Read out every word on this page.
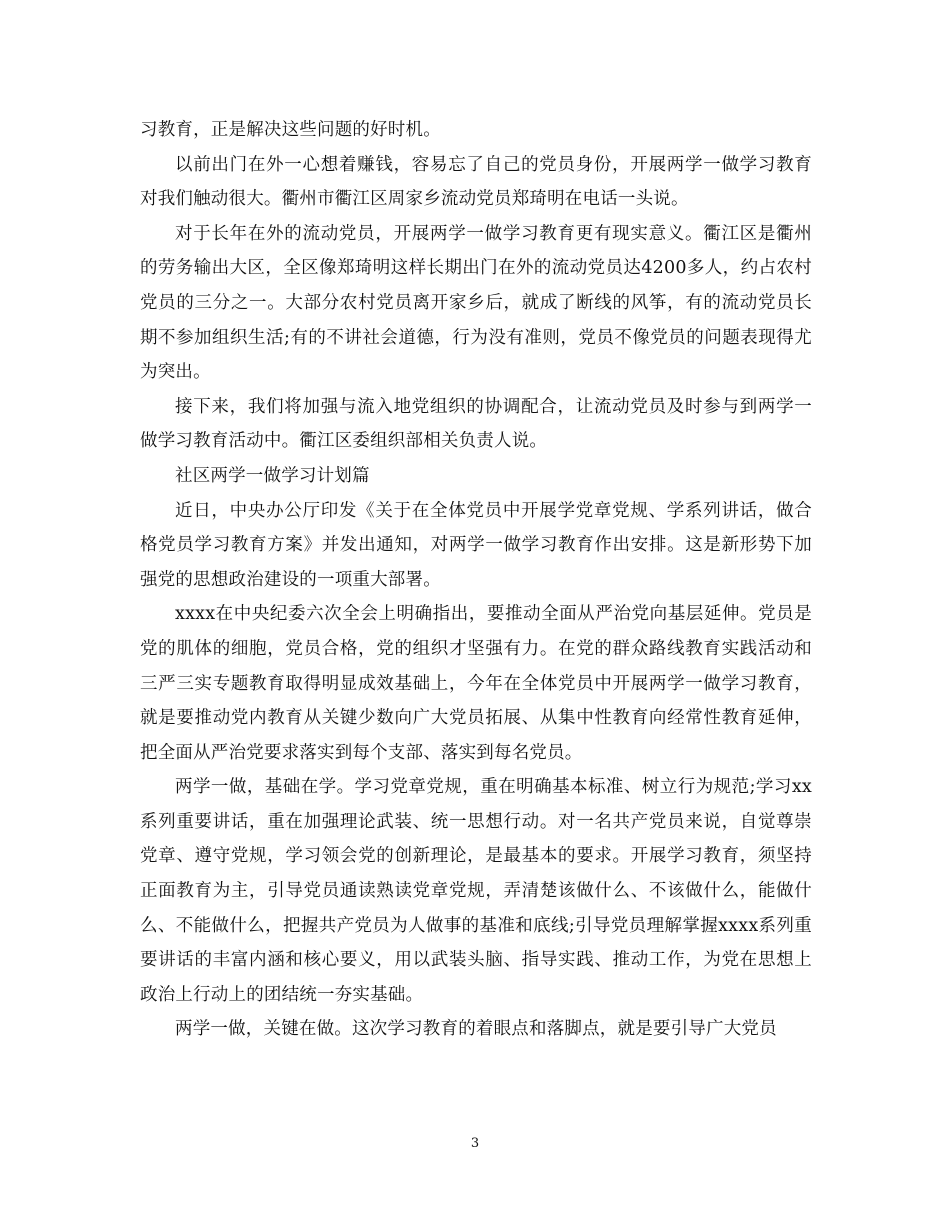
习教育，正是解决这些问题的好时机。

以前出门在外一心想着赚钱，容易忘了自己的党员身份，开展两学一做学习教育对我们触动很大。衢州市衢江区周家乡流动党员郑琦明在电话一头说。

对于长年在外的流动党员，开展两学一做学习教育更有现实意义。衢江区是衢州的劳务输出大区，全区像郑琦明这样长期出门在外的流动党员达4200多人，约占农村党员的三分之一。大部分农村党员离开家乡后，就成了断线的风筝，有的流动党员长期不参加组织生活;有的不讲社会道德，行为没有准则，党员不像党员的问题表现得尤为突出。

接下来，我们将加强与流入地党组织的协调配合，让流动党员及时参与到两学一做学习教育活动中。衢江区委组织部相关负责人说。

社区两学一做学习计划篇

近日，中央办公厅印发《关于在全体党员中开展学党章党规、学系列讲话，做合格党员学习教育方案》并发出通知，对两学一做学习教育作出安排。这是新形势下加强党的思想政治建设的一项重大部署。

xxxx在中央纪委六次全会上明确指出，要推动全面从严治党向基层延伸。党员是党的肌体的细胞，党员合格，党的组织才坚强有力。在党的群众路线教育实践活动和三严三实专题教育取得明显成效基础上，今年在全体党员中开展两学一做学习教育，就是要推动党内教育从关键少数向广大党员拓展、从集中性教育向经常性教育延伸，把全面从严治党要求落实到每个支部、落实到每名党员。

两学一做，基础在学。学习党章党规，重在明确基本标准、树立行为规范;学习xx系列重要讲话，重在加强理论武装、统一思想行动。对一名共产党员来说，自觉尊崇党章、遵守党规，学习领会党的创新理论，是最基本的要求。开展学习教育，须坚持正面教育为主，引导党员通读熟读党章党规，弄清楚该做什么、不该做什么，能做什么、不能做什么，把握共产党员为人做事的基准和底线;引导党员理解掌握xxxx系列重要讲话的丰富内涵和核心要义，用以武装头脑、指导实践、推动工作，为党在思想上政治上行动上的团结统一夯实基础。

两学一做，关键在做。这次学习教育的着眼点和落脚点，就是要引导广大党员

3
